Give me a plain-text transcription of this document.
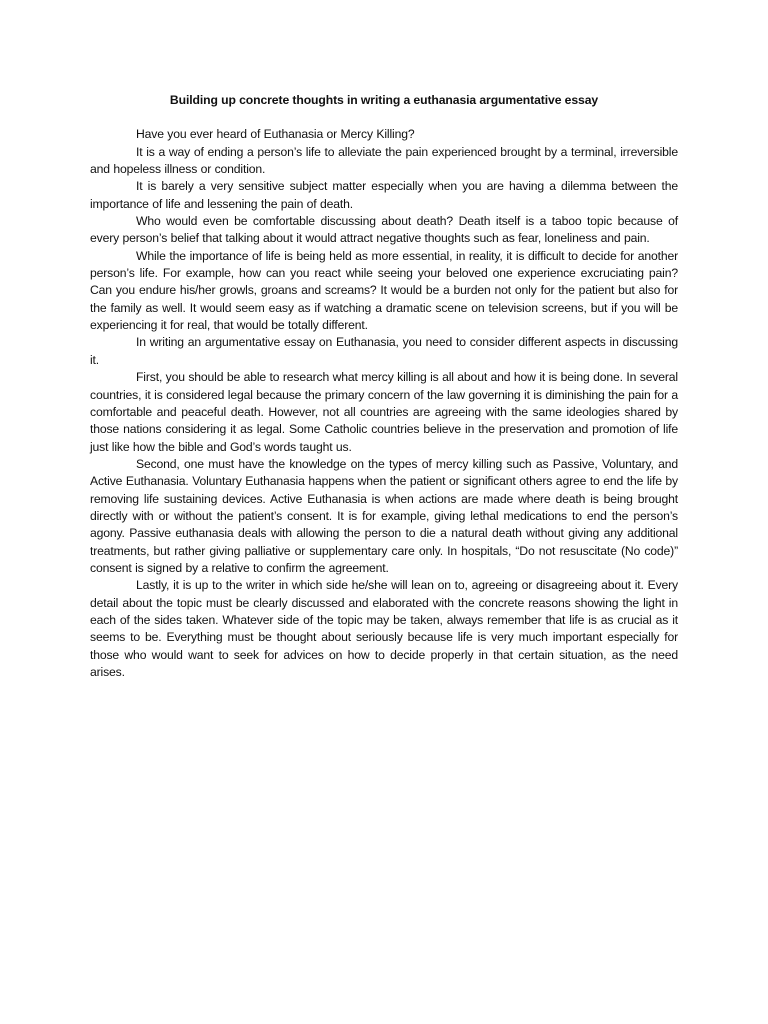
Building up concrete thoughts in writing a euthanasia argumentative essay

Have you ever heard of Euthanasia or Mercy Killing?

It is a way of ending a person’s life to alleviate the pain experienced brought by a terminal, irreversible and hopeless illness or condition.

It is barely a very sensitive subject matter especially when you are having a dilemma between the importance of life and lessening the pain of death.

Who would even be comfortable discussing about death? Death itself is a taboo topic because of every person’s belief that talking about it would attract negative thoughts such as fear, loneliness and pain.

While the importance of life is being held as more essential, in reality, it is difficult to decide for another person’s life. For example, how can you react while seeing your beloved one experience excruciating pain? Can you endure his/her growls, groans and screams? It would be a burden not only for the patient but also for the family as well. It would seem easy as if watching a dramatic scene on television screens, but if you will be experiencing it for real, that would be totally different.

In writing an argumentative essay on Euthanasia, you need to consider different aspects in discussing it.

First, you should be able to research what mercy killing is all about and how it is being done. In several countries, it is considered legal because the primary concern of the law governing it is diminishing the pain for a comfortable and peaceful death. However, not all countries are agreeing with the same ideologies shared by those nations considering it as legal. Some Catholic countries believe in the preservation and promotion of life just like how the bible and God’s words taught us.

Second, one must have the knowledge on the types of mercy killing such as Passive, Voluntary, and Active Euthanasia. Voluntary Euthanasia happens when the patient or significant others agree to end the life by removing life sustaining devices. Active Euthanasia is when actions are made where death is being brought directly with or without the patient’s consent. It is for example, giving lethal medications to end the person’s agony. Passive euthanasia deals with allowing the person to die a natural death without giving any additional treatments, but rather giving palliative or supplementary care only. In hospitals, “Do not resuscitate (No code)” consent is signed by a relative to confirm the agreement.

Lastly, it is up to the writer in which side he/she will lean on to, agreeing or disagreeing about it. Every detail about the topic must be clearly discussed and elaborated with the concrete reasons showing the light in each of the sides taken. Whatever side of the topic may be taken, always remember that life is as crucial as it seems to be. Everything must be thought about seriously because life is very much important especially for those who would want to seek for advices on how to decide properly in that certain situation, as the need arises.
